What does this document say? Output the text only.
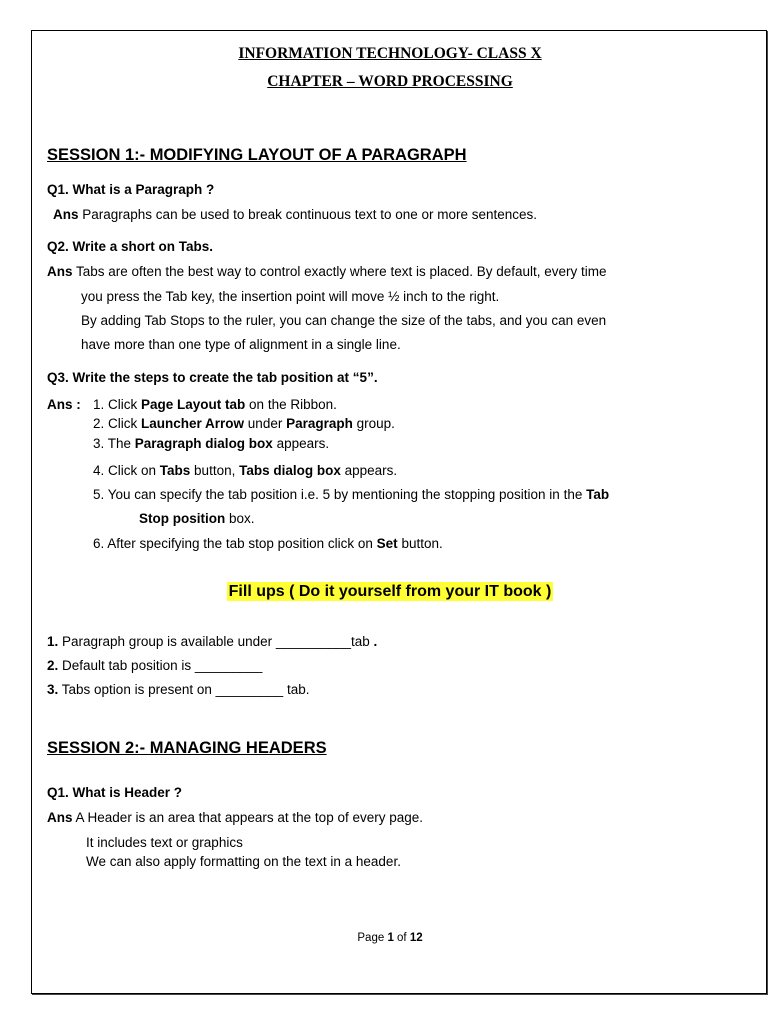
INFORMATION TECHNOLOGY- CLASS X
CHAPTER – WORD PROCESSING
SESSION 1:- MODIFYING LAYOUT OF A PARAGRAPH
Q1. What is a Paragraph ?
Ans Paragraphs can be used to break continuous text to one or more sentences.
Q2. Write a short on Tabs.
Ans Tabs are often the best way to control exactly where text is placed. By default, every time
you press the Tab key, the insertion point will move ½ inch to the right.
By adding Tab Stops to the ruler, you can change the size of the tabs, and you can even
have more than one type of alignment in a single line.
Q3. Write the steps to create the tab position at “5”.
Ans : 1. Click Page Layout tab on the Ribbon.
2. Click Launcher Arrow under Paragraph group.
3. The Paragraph dialog box appears.
4. Click on Tabs button, Tabs dialog box appears.
5. You can specify the tab position i.e. 5 by mentioning the stopping position in the Tab
Stop position box.
6. After specifying the tab stop position click on Set button.
Fill ups ( Do it yourself from your IT book )
1. Paragraph group is available under __________tab .
2. Default tab position is _________
3. Tabs option is present on _________ tab.
SESSION 2:- MANAGING HEADERS
Q1. What is Header ?
Ans A Header is an area that appears at the top of every page.
It includes text or graphics
We can also apply formatting on the text in a header.
Page 1 of 12
